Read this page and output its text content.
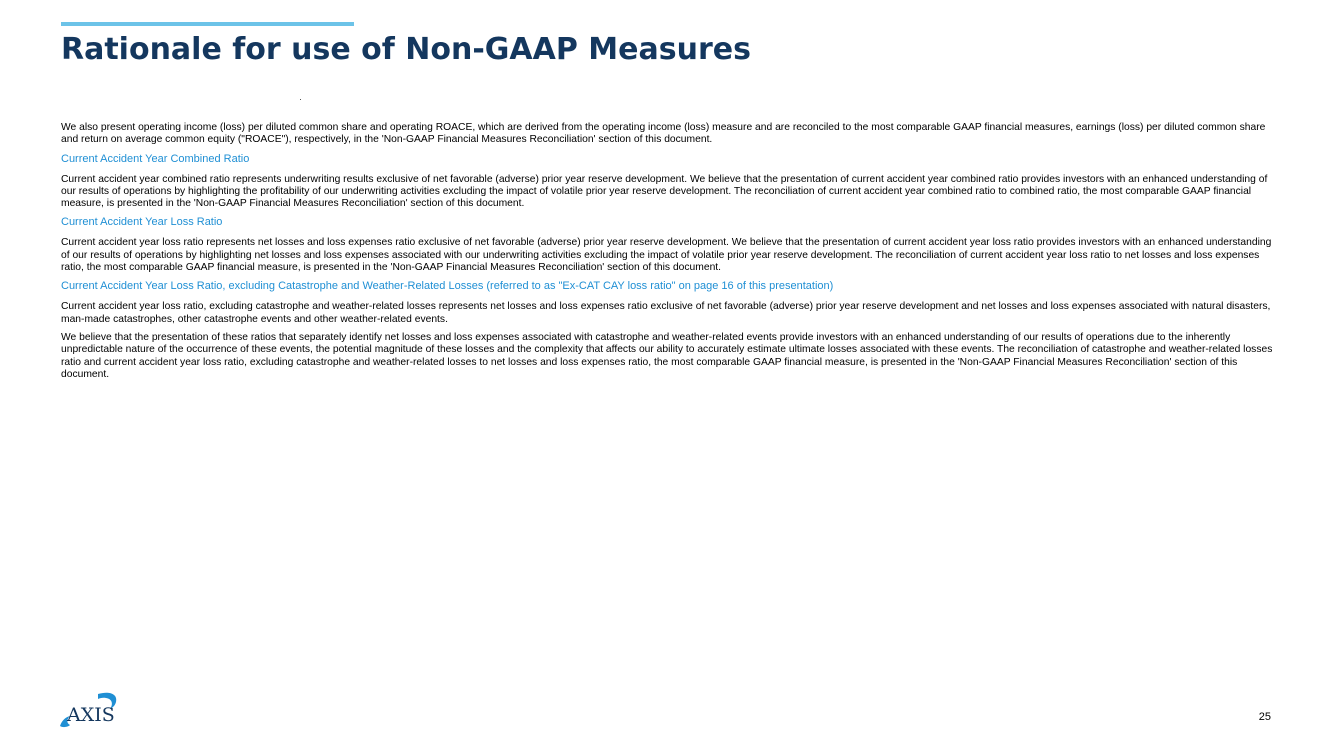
Rationale for use of Non-GAAP Measures

We also present operating income (loss) per diluted common share and operating ROACE, which are derived from the operating income (loss) measure and are reconciled to the most comparable GAAP financial measures, earnings (loss) per diluted common share and return on average common equity ("ROACE"), respectively, in the 'Non-GAAP Financial Measures Reconciliation' section of this document.

Current Accident Year Combined Ratio

Current accident year combined ratio represents underwriting results exclusive of net favorable (adverse) prior year reserve development. We believe that the presentation of current accident year combined ratio provides investors with an enhanced understanding of our results of operations by highlighting the profitability of our underwriting activities excluding the impact of volatile prior year reserve development. The reconciliation of current accident year combined ratio to combined ratio, the most comparable GAAP financial measure, is presented in the 'Non-GAAP Financial Measures Reconciliation' section of this document.

Current Accident Year Loss Ratio

Current accident year loss ratio represents net losses and loss expenses ratio exclusive of net favorable (adverse) prior year reserve development. We believe that the presentation of current accident year loss ratio provides investors with an enhanced understanding of our results of operations by highlighting net losses and loss expenses associated with our underwriting activities excluding the impact of volatile prior year reserve development. The reconciliation of current accident year loss ratio to net losses and loss expenses ratio, the most comparable GAAP financial measure, is presented in the 'Non-GAAP Financial Measures Reconciliation' section of this document.

Current Accident Year Loss Ratio, excluding Catastrophe and Weather-Related Losses (referred to as "Ex-CAT CAY loss ratio" on page 16 of this presentation)

Current accident year loss ratio, excluding catastrophe and weather-related losses represents net losses and loss expenses ratio exclusive of net favorable (adverse) prior year reserve development and net losses and loss expenses associated with natural disasters, man-made catastrophes, other catastrophe events and other weather-related events.

We believe that the presentation of these ratios that separately identify net losses and loss expenses associated with catastrophe and weather-related events provide investors with an enhanced understanding of our results of operations due to the inherently unpredictable nature of the occurrence of these events, the potential magnitude of these losses and the complexity that affects our ability to accurately estimate ultimate losses associated with these events. The reconciliation of catastrophe and weather-related losses ratio and current accident year loss ratio, excluding catastrophe and weather-related losses to net losses and loss expenses ratio, the most comparable GAAP financial measure, is presented in the 'Non-GAAP Financial Measures Reconciliation' section of this document.

AXIS	25
